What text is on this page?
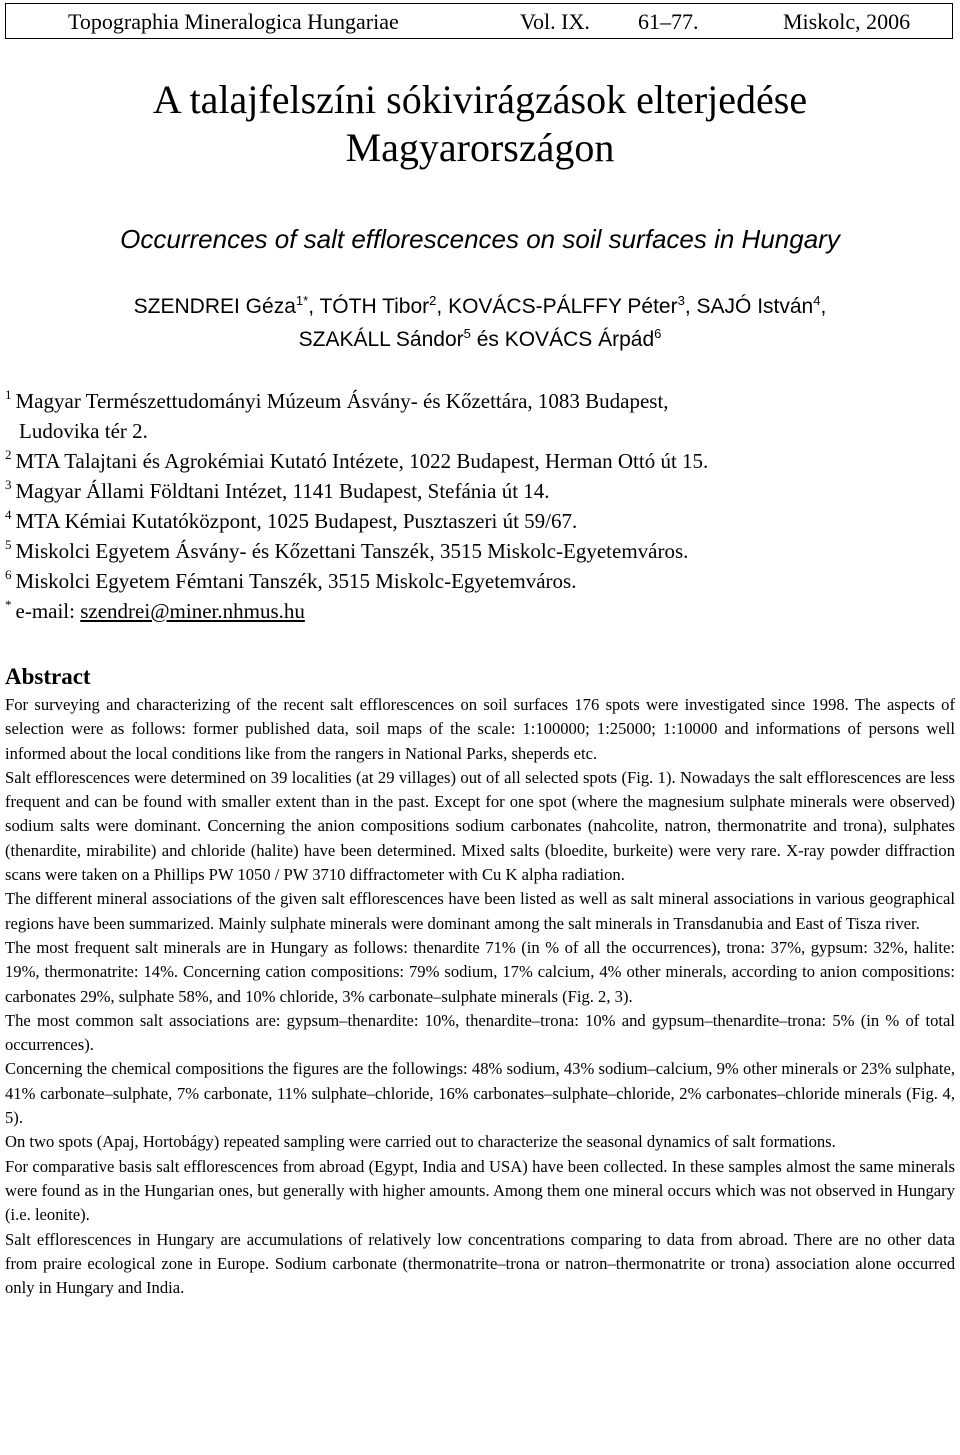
Topographia Mineralogica Hungariae	Vol. IX. 61–77.	Miskolc, 2006
A talajfelszíni sókivirágzások elterjedése
Magyarországon
Occurrences of salt efflorescences on soil surfaces in Hungary
SZENDREI Géza$^{1*}$, TÓTH Tibor$^2$, KOVÁCS-PÁLFFY Péter$^3$, SAJÓ István$^4$,
SZAKÁLL Sándor$^5$ és KOVÁCS Árpád$^6$
$^1$ Magyar Természettudományi Múzeum Ásvány- és Kőzettára, 1083 Budapest,
Ludovika tér 2.
$^2$ MTA Talajtani és Agrokémiai Kutató Intézete, 1022 Budapest, Herman Ottó út 15.
$^3$ Magyar Állami Földtani Intézet, 1141 Budapest, Stefánia út 14.
$^4$ MTA Kémiai Kutatóközpont, 1025 Budapest, Pusztaszeri út 59/67.
$^5$ Miskolci Egyetem Ásvány- és Kőzettani Tanszék, 3515 Miskolc-Egyetemváros.
$^6$ Miskolci Egyetem Fémtani Tanszék, 3515 Miskolc-Egyetemváros.
* e-mail: szendrei@miner.nhmus.hu
Abstract

For surveying and characterizing of the recent salt efflorescences on soil surfaces 176 spots were investigated since 1998. The aspects of selection were as follows: former published data, soil maps of the scale: 1:100000; 1:25000; 1:10000 and informations of persons well informed about the local conditions like from the rangers in National Parks, sheperds etc.

Salt efflorescences were determined on 39 localities (at 29 villages) out of all selected spots (Fig. 1). Nowadays the salt efflorescences are less frequent and can be found with smaller extent than in the past. Except for one spot (where the magnesium sulphate minerals were observed) sodium salts were dominant. Concerning the anion compositions sodium carbonates (nahcolite, natron, thermonatrite and trona), sulphates (thenardite, mirabilite) and chloride (halite) have been determined. Mixed salts (bloedite, burkeite) were very rare. X-ray powder diffraction scans were taken on a Phillips PW 1050 / PW 3710 diffractometer with Cu K alpha radiation.

The different mineral associations of the given salt efflorescences have been listed as well as salt mineral associations in various geographical regions have been summarized. Mainly sulphate minerals were dominant among the salt minerals in Transdanubia and East of Tisza river.

The most frequent salt minerals are in Hungary as follows: thenardite 71% (in % of all the occurrences), trona: 37%, gypsum: 32%, halite: 19%, thermonatrite: 14%. Concerning cation compositions: 79% sodium, 17% calcium, 4% other minerals, according to anion compositions: carbonates 29%, sulphate 58%, and 10% chloride, 3% carbonate–sulphate minerals (Fig. 2, 3).

The most common salt associations are: gypsum–thenardite: 10%, thenardite–trona: 10% and gypsum–thenardite–trona: 5% (in % of total occurrences).

Concerning the chemical compositions the figures are the followings: 48% sodium, 43% sodium–calcium, 9% other minerals or 23% sulphate, 41% carbonate–sulphate, 7% carbonate, 11% sulphate–chloride, 16% carbonates–sulphate–chloride, 2% carbonates–chloride minerals (Fig. 4, 5).

On two spots (Apaj, Hortobágy) repeated sampling were carried out to characterize the seasonal dynamics of salt formations.

For comparative basis salt efflorescences from abroad (Egypt, India and USA) have been collected. In these samples almost the same minerals were found as in the Hungarian ones, but generally with higher amounts. Among them one mineral occurs which was not observed in Hungary (i.e. leonite).

Salt efflorescences in Hungary are accumulations of relatively low concentrations comparing to data from abroad. There are no other data from praire ecological zone in Europe. Sodium carbonate (thermonatrite–trona or natron–thermonatrite or trona) association alone occurred only in Hungary and India.
